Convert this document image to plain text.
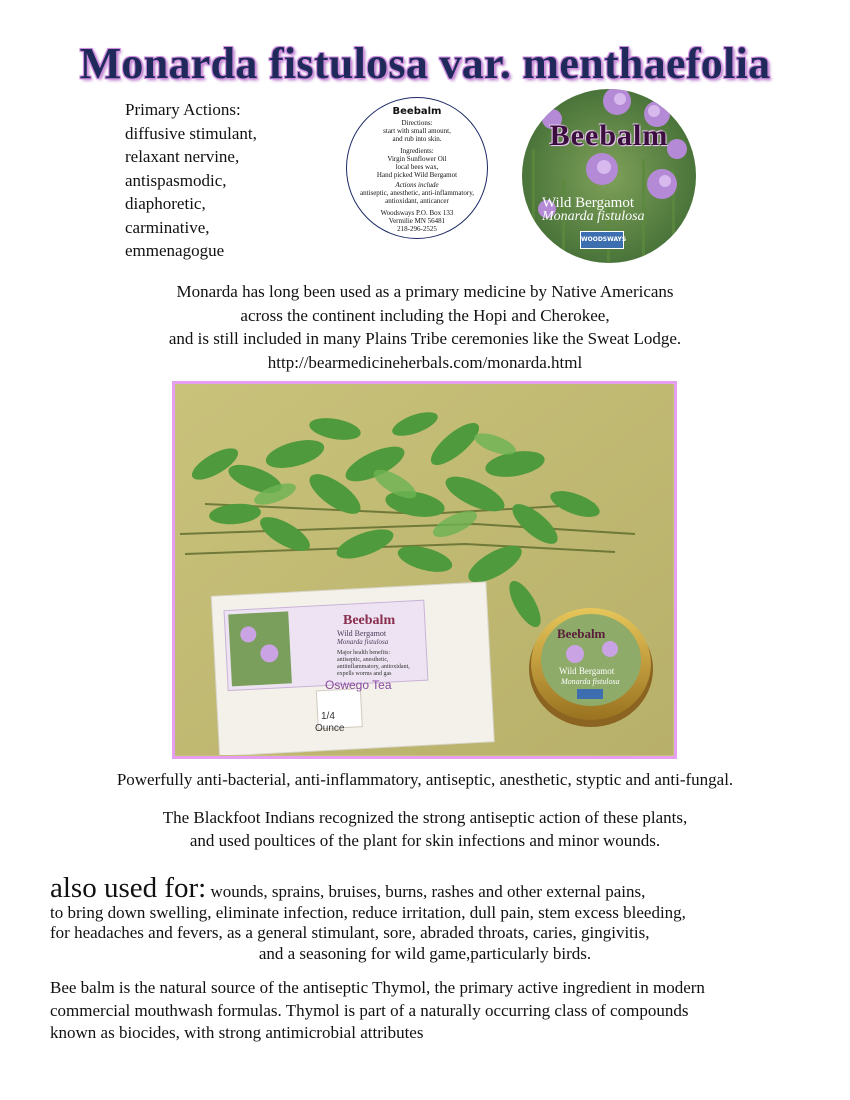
Monarda fistulosa var. menthaefolia
Primary Actions:
diffusive stimulant,
relaxant nervine,
antispasmodic,
diaphoretic,
carminative,
emmenagogue
Beebalm
Directions:
start with small amount,
and rub into skin.
Ingredients:
Virgin Sunflower Oil
local bees wax,
Hand picked Wild Bergamot
Actions include
antiseptic, anesthetic, anti-inflammatory,
antioxidant, anticancer
Woodsways P.O. Box 133
Vermilie MN 56481
218-296-2525
Beebalm
Wild Bergamot
Monarda fistulosa
WOODSWAYS
Monarda has long been used as a primary medicine by Native Americans
across the continent including the Hopi and Cherokee,
and is still included in many Plains Tribe ceremonies like the Sweat Lodge.
http://bearmedicineherbals.com/monarda.html
Beebalm
Wild Bergamot
Monarda fistulosa
Major health benefits:
antiseptic, anesthetic,
antiinflammatory, antioxidant,
expells worms and gas
Oswego Tea
1/4
Ounce
Beebalm
Wild Bergamot
Monarda fistulosa
Powerfully anti-bacterial, anti-inflammatory, antiseptic, anesthetic, styptic and anti-fungal.
The Blackfoot Indians recognized the strong antiseptic action of these plants,
and used poultices of the plant for skin infections and minor wounds.
also used for: wounds, sprains, bruises, burns, rashes and other external pains,
to bring down swelling, eliminate infection, reduce irritation, dull pain, stem excess bleeding,
for headaches and fevers, as a general stimulant, sore, abraded throats, caries, gingivitis,
and a seasoning for wild game,particularly birds.
Bee balm is the natural source of the antiseptic Thymol, the primary active ingredient in modern
commercial mouthwash formulas. Thymol is part of a naturally occurring class of compounds
known as biocides, with strong antimicrobial attributes
